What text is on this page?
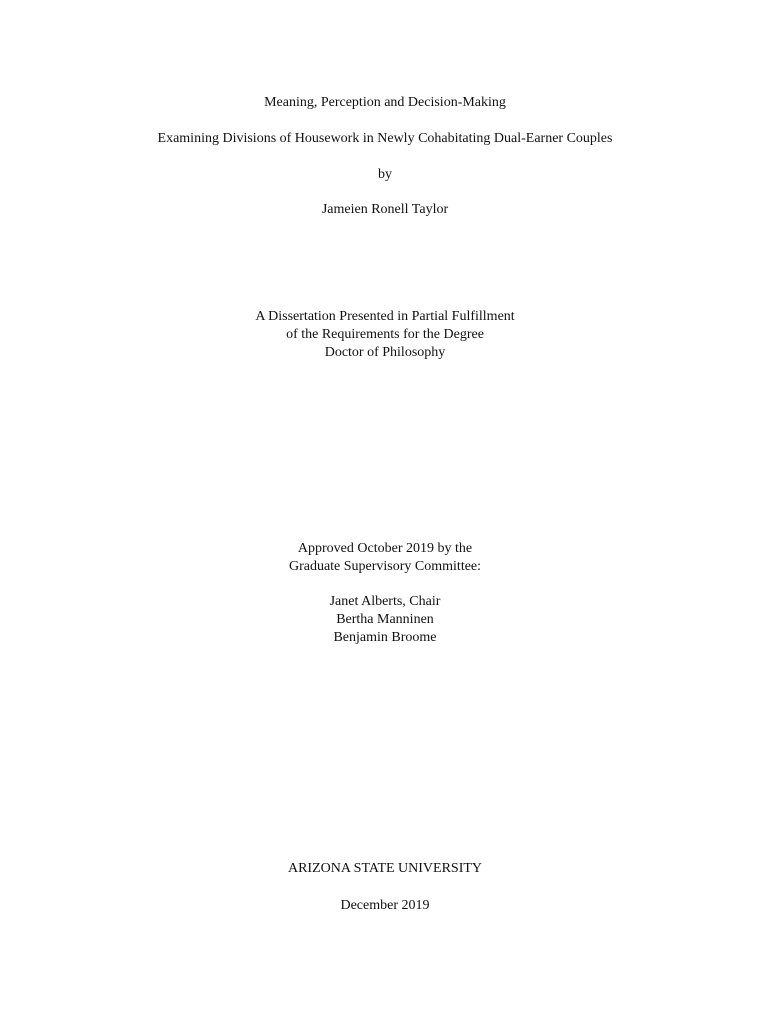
Meaning, Perception and Decision-Making
Examining Divisions of Housework in Newly Cohabitating Dual-Earner Couples
by
Jameien Ronell Taylor
A Dissertation Presented in Partial Fulfillment
of the Requirements for the Degree
Doctor of Philosophy
Approved October 2019 by the
Graduate Supervisory Committee:
Janet Alberts, Chair
Bertha Manninen
Benjamin Broome
ARIZONA STATE UNIVERSITY
December 2019
